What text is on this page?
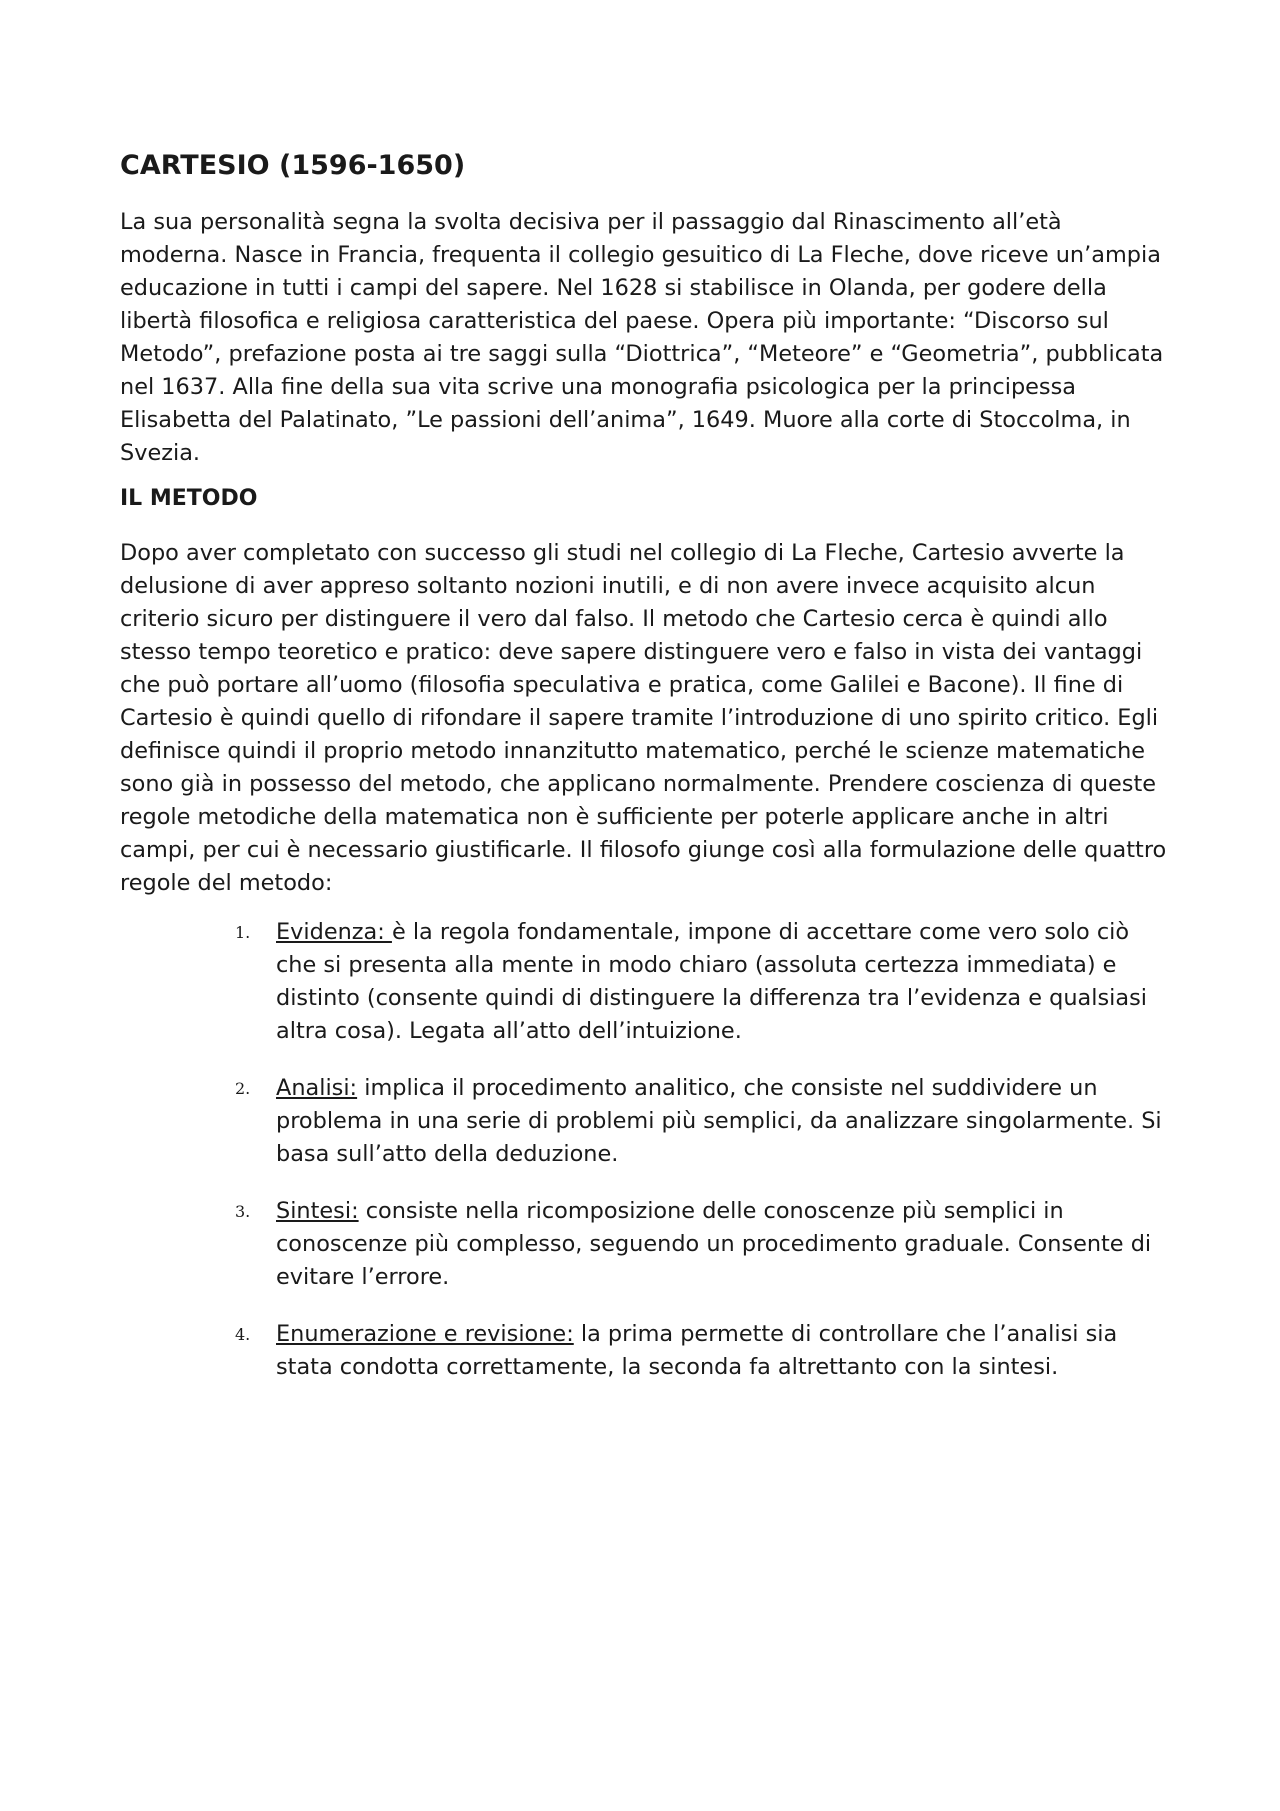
CARTESIO (1596-1650)

La sua personalità segna la svolta decisiva per il passaggio dal Rinascimento all’età moderna. Nasce in Francia, frequenta il collegio gesuitico di La Fleche, dove riceve un’ampia educazione in tutti i campi del sapere. Nel 1628 si stabilisce in Olanda, per godere della libertà filosofica e religiosa caratteristica del paese. Opera più importante: “Discorso sul Metodo”, prefazione posta ai tre saggi sulla “Diottrica”, “Meteore” e “Geometria”, pubblicata nel 1637. Alla fine della sua vita scrive una monografia psicologica per la principessa Elisabetta del Palatinato, ”Le passioni dell’anima”, 1649. Muore alla corte di Stoccolma, in Svezia.

IL METODO

Dopo aver completato con successo gli studi nel collegio di La Fleche, Cartesio avverte la delusione di aver appreso soltanto nozioni inutili, e di non avere invece acquisito alcun criterio sicuro per distinguere il vero dal falso. Il metodo che Cartesio cerca è quindi allo stesso tempo teoretico e pratico: deve sapere distinguere vero e falso in vista dei vantaggi che può portare all’uomo (filosofia speculativa e pratica, come Galilei e Bacone). Il fine di Cartesio è quindi quello di rifondare il sapere tramite l’introduzione di uno spirito critico. Egli definisce quindi il proprio metodo innanzitutto matematico, perché le scienze matematiche sono già in possesso del metodo, che applicano normalmente. Prendere coscienza di queste regole metodiche della matematica non è sufficiente per poterle applicare anche in altri campi, per cui è necessario giustificarle. Il filosofo giunge così alla formulazione delle quattro regole del metodo:

1. Evidenza: è la regola fondamentale, impone di accettare come vero solo ciò che si presenta alla mente in modo chiaro (assoluta certezza immediata) e distinto (consente quindi di distinguere la differenza tra l’evidenza e qualsiasi altra cosa). Legata all’atto dell’intuizione.
2. Analisi: implica il procedimento analitico, che consiste nel suddividere un problema in una serie di problemi più semplici, da analizzare singolarmente. Si basa sull’atto della deduzione.
3. Sintesi: consiste nella ricomposizione delle conoscenze più semplici in conoscenze più complesso, seguendo un procedimento graduale. Consente di evitare l’errore.
4. Enumerazione e revisione: la prima permette di controllare che l’analisi sia stata condotta correttamente, la seconda fa altrettanto con la sintesi.
